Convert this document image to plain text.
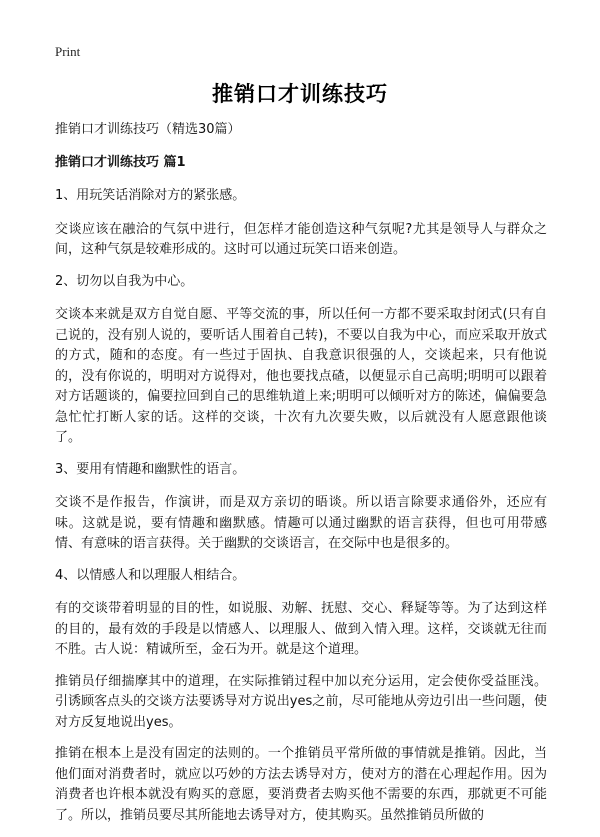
Print
推销口才训练技巧

推销口才训练技巧（精选30篇）

推销口才训练技巧 篇1

1、用玩笑话消除对方的紧张感。

交谈应该在融洽的气氛中进行，但怎样才能创造这种气氛呢?尤其是领导人与群众之间，这种气氛是较难形成的。这时可以通过玩笑口语来创造。

2、切勿以自我为中心。

交谈本来就是双方自觉自愿、平等交流的事，所以任何一方都不要采取封闭式(只有自己说的，没有别人说的，要听话人围着自己转)，不要以自我为中心，而应采取开放式的方式，随和的态度。有一些过于固执、自我意识很强的人，交谈起来，只有他说的，没有你说的，明明对方说得对，他也要找点碴，以便显示自己高明;明明可以跟着对方话题谈的，偏要拉回到自己的思维轨道上来;明明可以倾听对方的陈述，偏偏要急急忙忙打断人家的话。这样的交谈，十次有九次要失败，以后就没有人愿意跟他谈了。

3、要用有情趣和幽默性的语言。

交谈不是作报告，作演讲，而是双方亲切的晤谈。所以语言除要求通俗外，还应有味。这就是说，要有情趣和幽默感。情趣可以通过幽默的语言获得，但也可用带感情、有意味的语言获得。关于幽默的交谈语言，在交际中也是很多的。

4、以情感人和以理服人相结合。

有的交谈带着明显的目的性，如说服、劝解、抚慰、交心、释疑等等。为了达到这样的目的，最有效的手段是以情感人、以理服人、做到入情入理。这样，交谈就无往而不胜。古人说：精诚所至，金石为开。就是这个道理。

推销员仔细揣摩其中的道理，在实际推销过程中加以充分运用，定会使你受益匪浅。引诱顾客点头的交谈方法要诱导对方说出yes之前，尽可能地从旁边引出一些问题，使对方反复地说出yes。

推销在根本上是没有固定的法则的。一个推销员平常所做的事情就是推销。因此，当他们面对消费者时，就应以巧妙的方法去诱导对方，使对方的潜在心理起作用。因为消费者也许根本就没有购买的意愿，要消费者去购买他不需要的东西，那就更不可能了。所以，推销员要尽其所能地去诱导对方，使其购买。虽然推销员所做的
